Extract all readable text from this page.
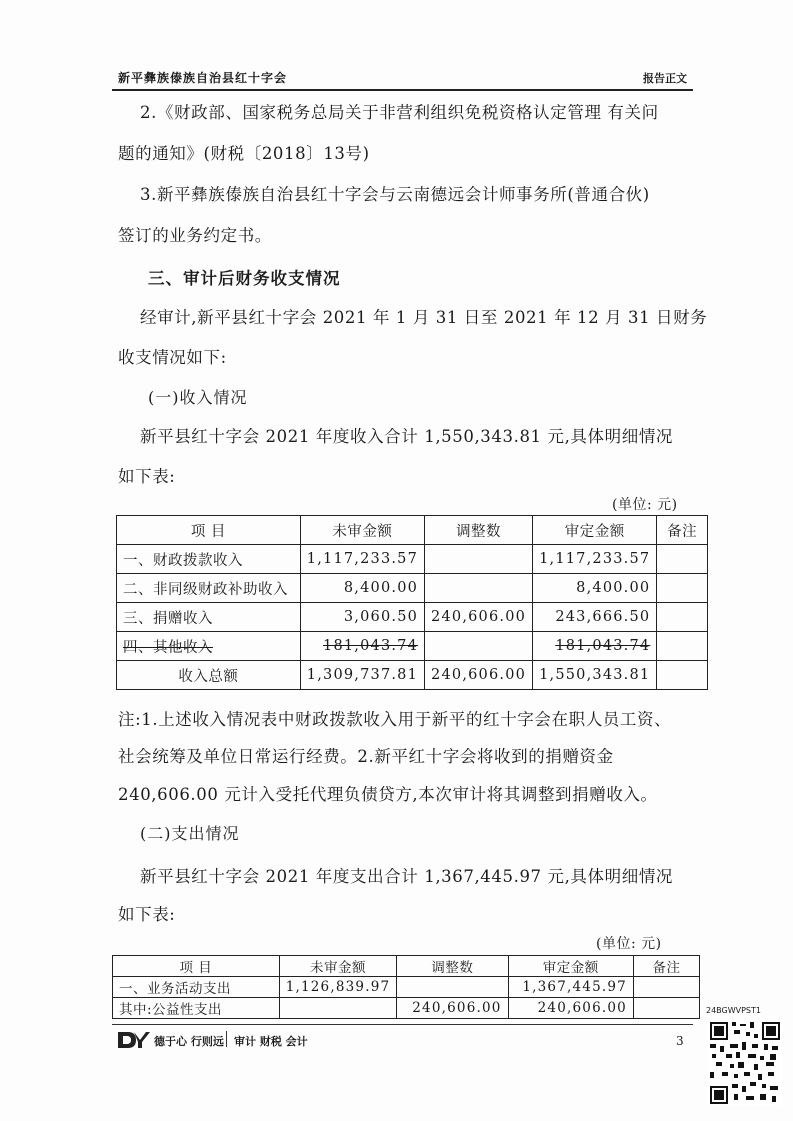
新平彝族傣族自治县红十字会	报告正文
2.《财政部、国家税务总局关于非营利组织免税资格认定管理 有关问
题的通知》(财税〔2018〕13号)
3.新平彝族傣族自治县红十字会与云南德远会计师事务所(普通合伙)
签订的业务约定书。
三、审计后财务收支情况
经审计,新平县红十字会 2021 年 1 月 31 日至 2021 年 12 月 31 日财务
收支情况如下:
(一)收入情况
新平县红十字会 2021 年度收入合计 1,550,343.81 元,具体明细情况
如下表:
(单位: 元)
项 目	未审金额	调整数	审定金额	备注
一、财政拨款收入	1,117,233.57		1,117,233.57	
二、非同级财政补助收入	8,400.00		8,400.00	
三、捐赠收入	3,060.50	240,606.00	243,666.50	
四、其他收入	181,043.74		181,043.74	
收入总额	1,309,737.81	240,606.00	1,550,343.81	
注:1.上述收入情况表中财政拨款收入用于新平的红十字会在职人员工资、
社会统筹及单位日常运行经费。2.新平红十字会将收到的捐赠资金
240,606.00 元计入受托代理负债贷方,本次审计将其调整到捐赠收入。
(二)支出情况
新平县红十字会 2021 年度支出合计 1,367,445.97 元,具体明细情况
如下表:
(单位: 元)
项 目	未审金额	调整数	审定金额	备注
一、业务活动支出	1,126,839.97		1,367,445.97	
其中:公益性支出		240,606.00	240,606.00		24BGWVPST1
德于心 行则远 审计 财税 会计	3
